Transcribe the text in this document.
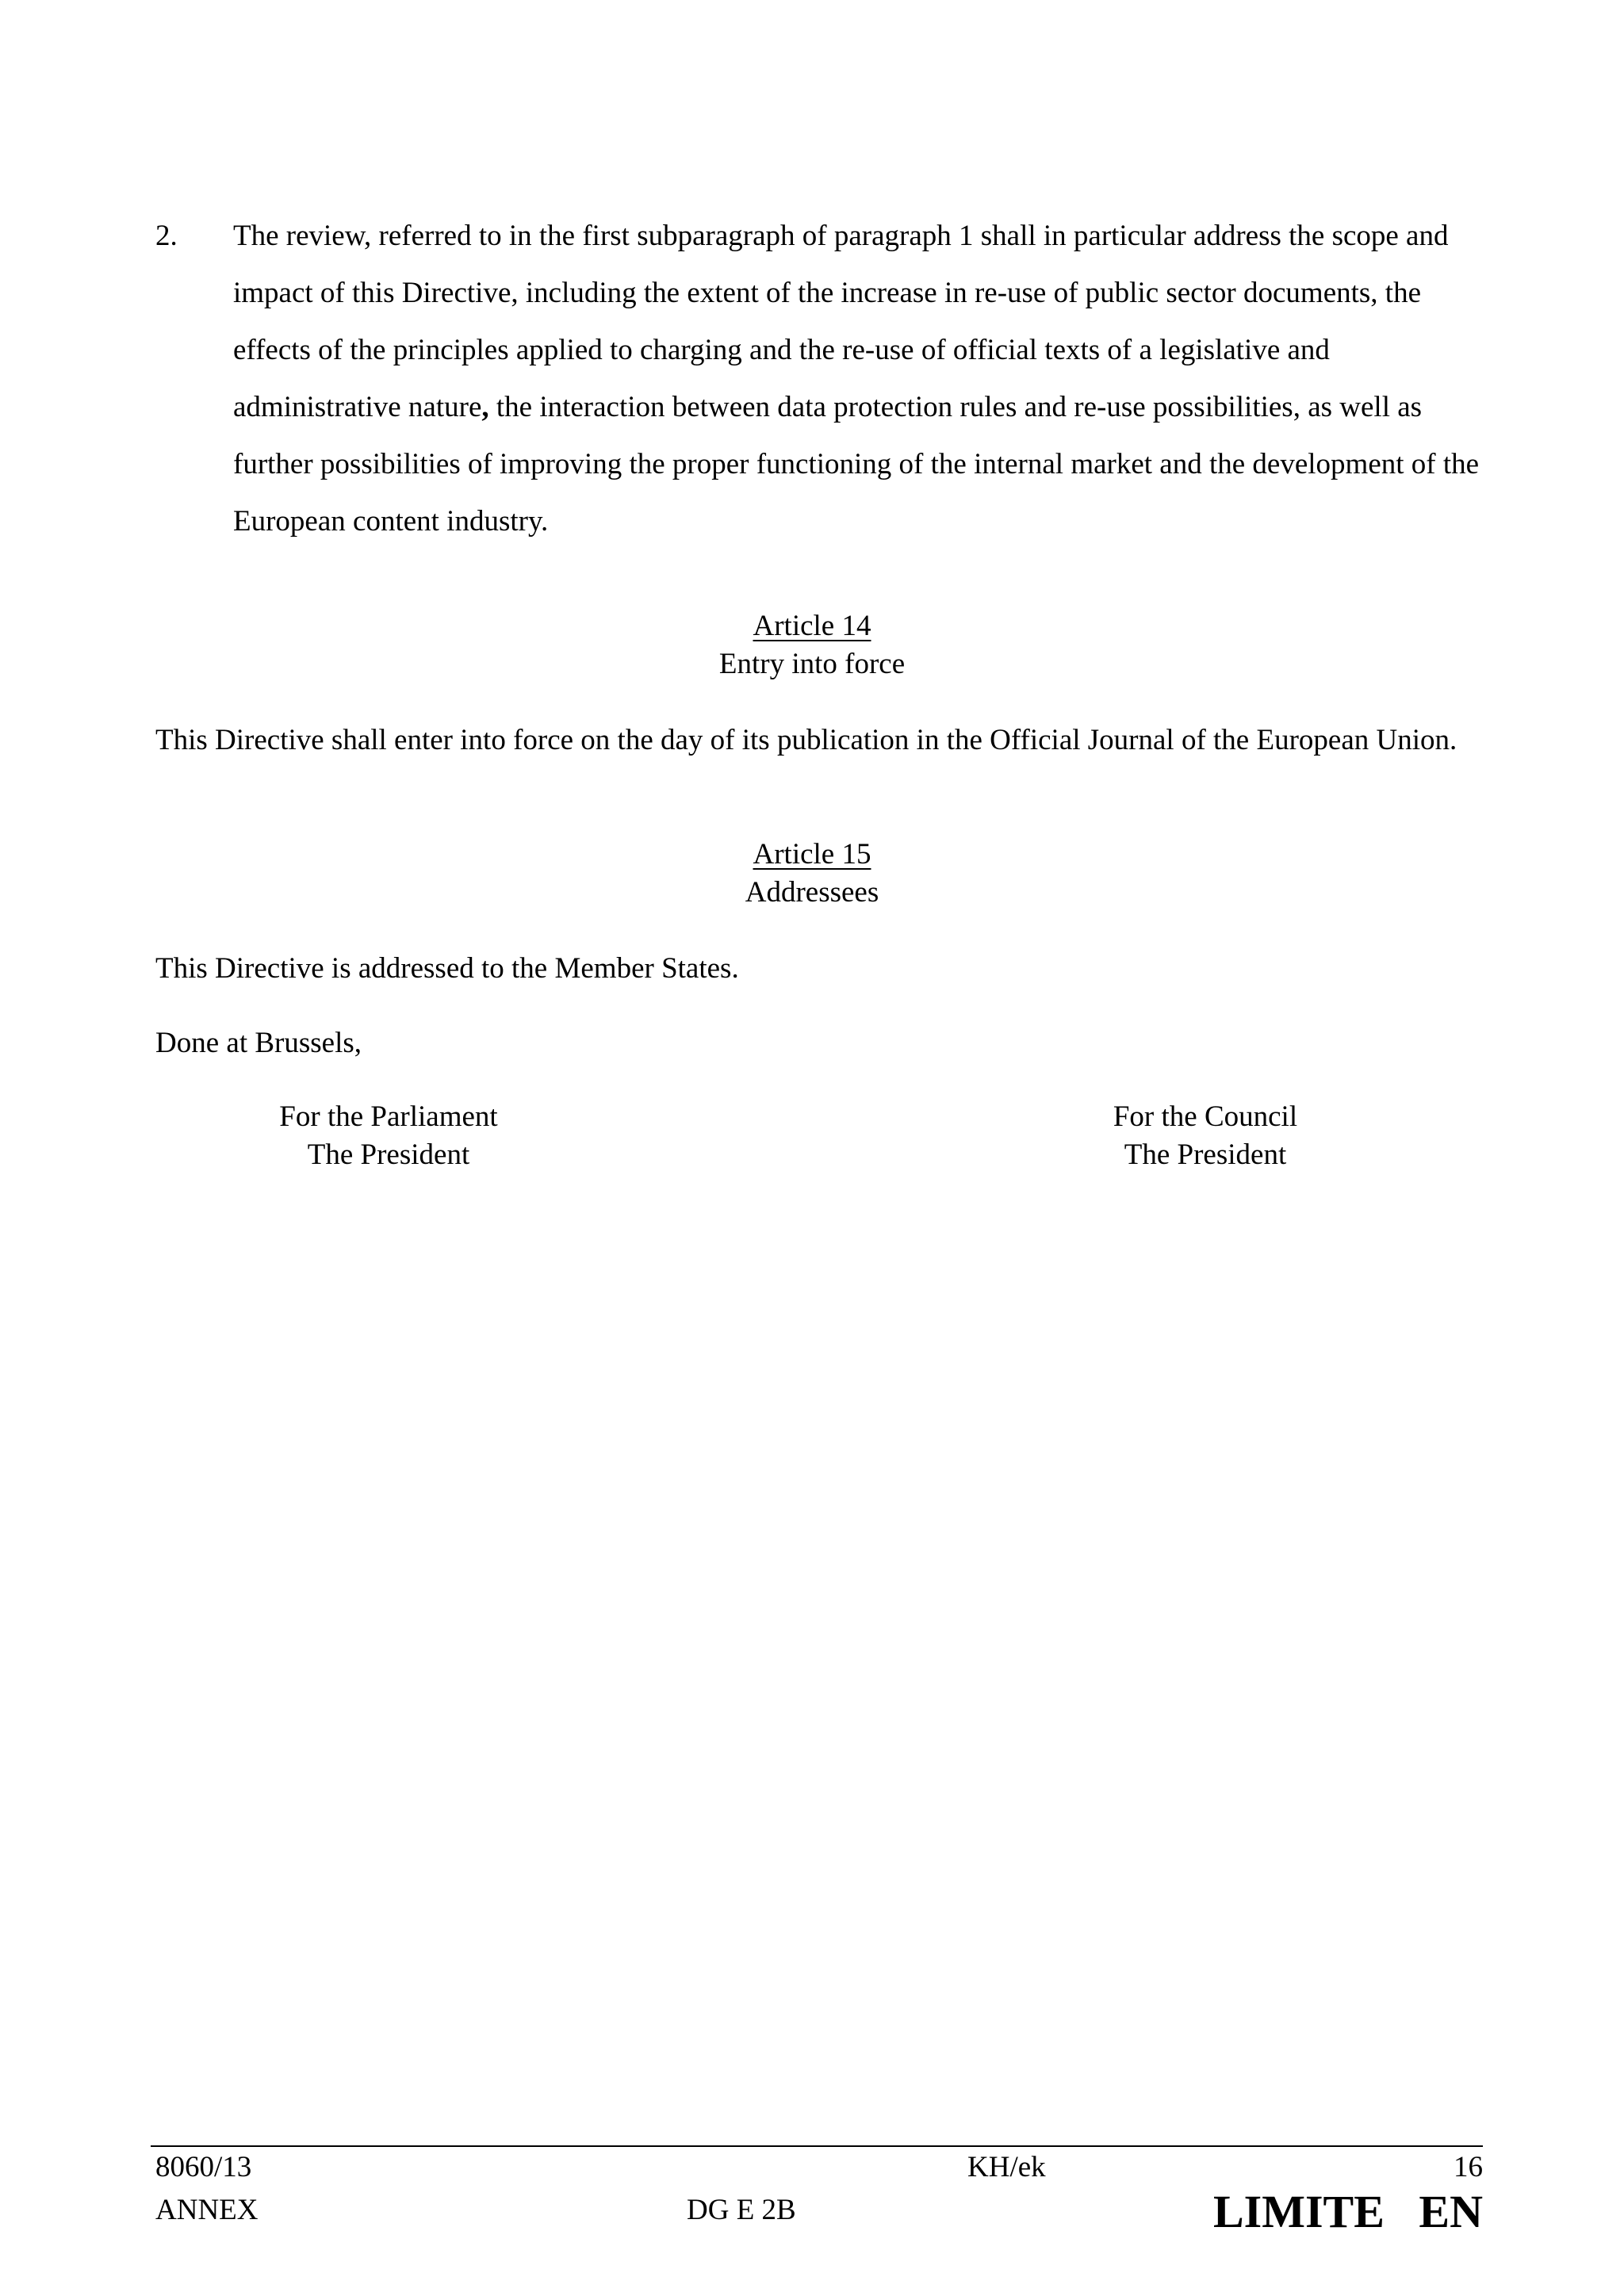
2. The review, referred to in the first subparagraph of paragraph 1 shall in particular address the scope and impact of this Directive, including the extent of the increase in re-use of public sector documents, the effects of the principles applied to charging and the re-use of official texts of a legislative and administrative nature, the interaction between data protection rules and re-use possibilities, as well as further possibilities of improving the proper functioning of the internal market and the development of the European content industry.
Article 14
Entry into force
This Directive shall enter into force on the day of its publication in the Official Journal of the European Union.
Article 15
Addressees
This Directive is addressed to the Member States.
Done at Brussels,
For the Parliament
The President
For the Council
The President
8060/13
ANNEX
KH/ek
DG E 2B
16
LIMITE EN
